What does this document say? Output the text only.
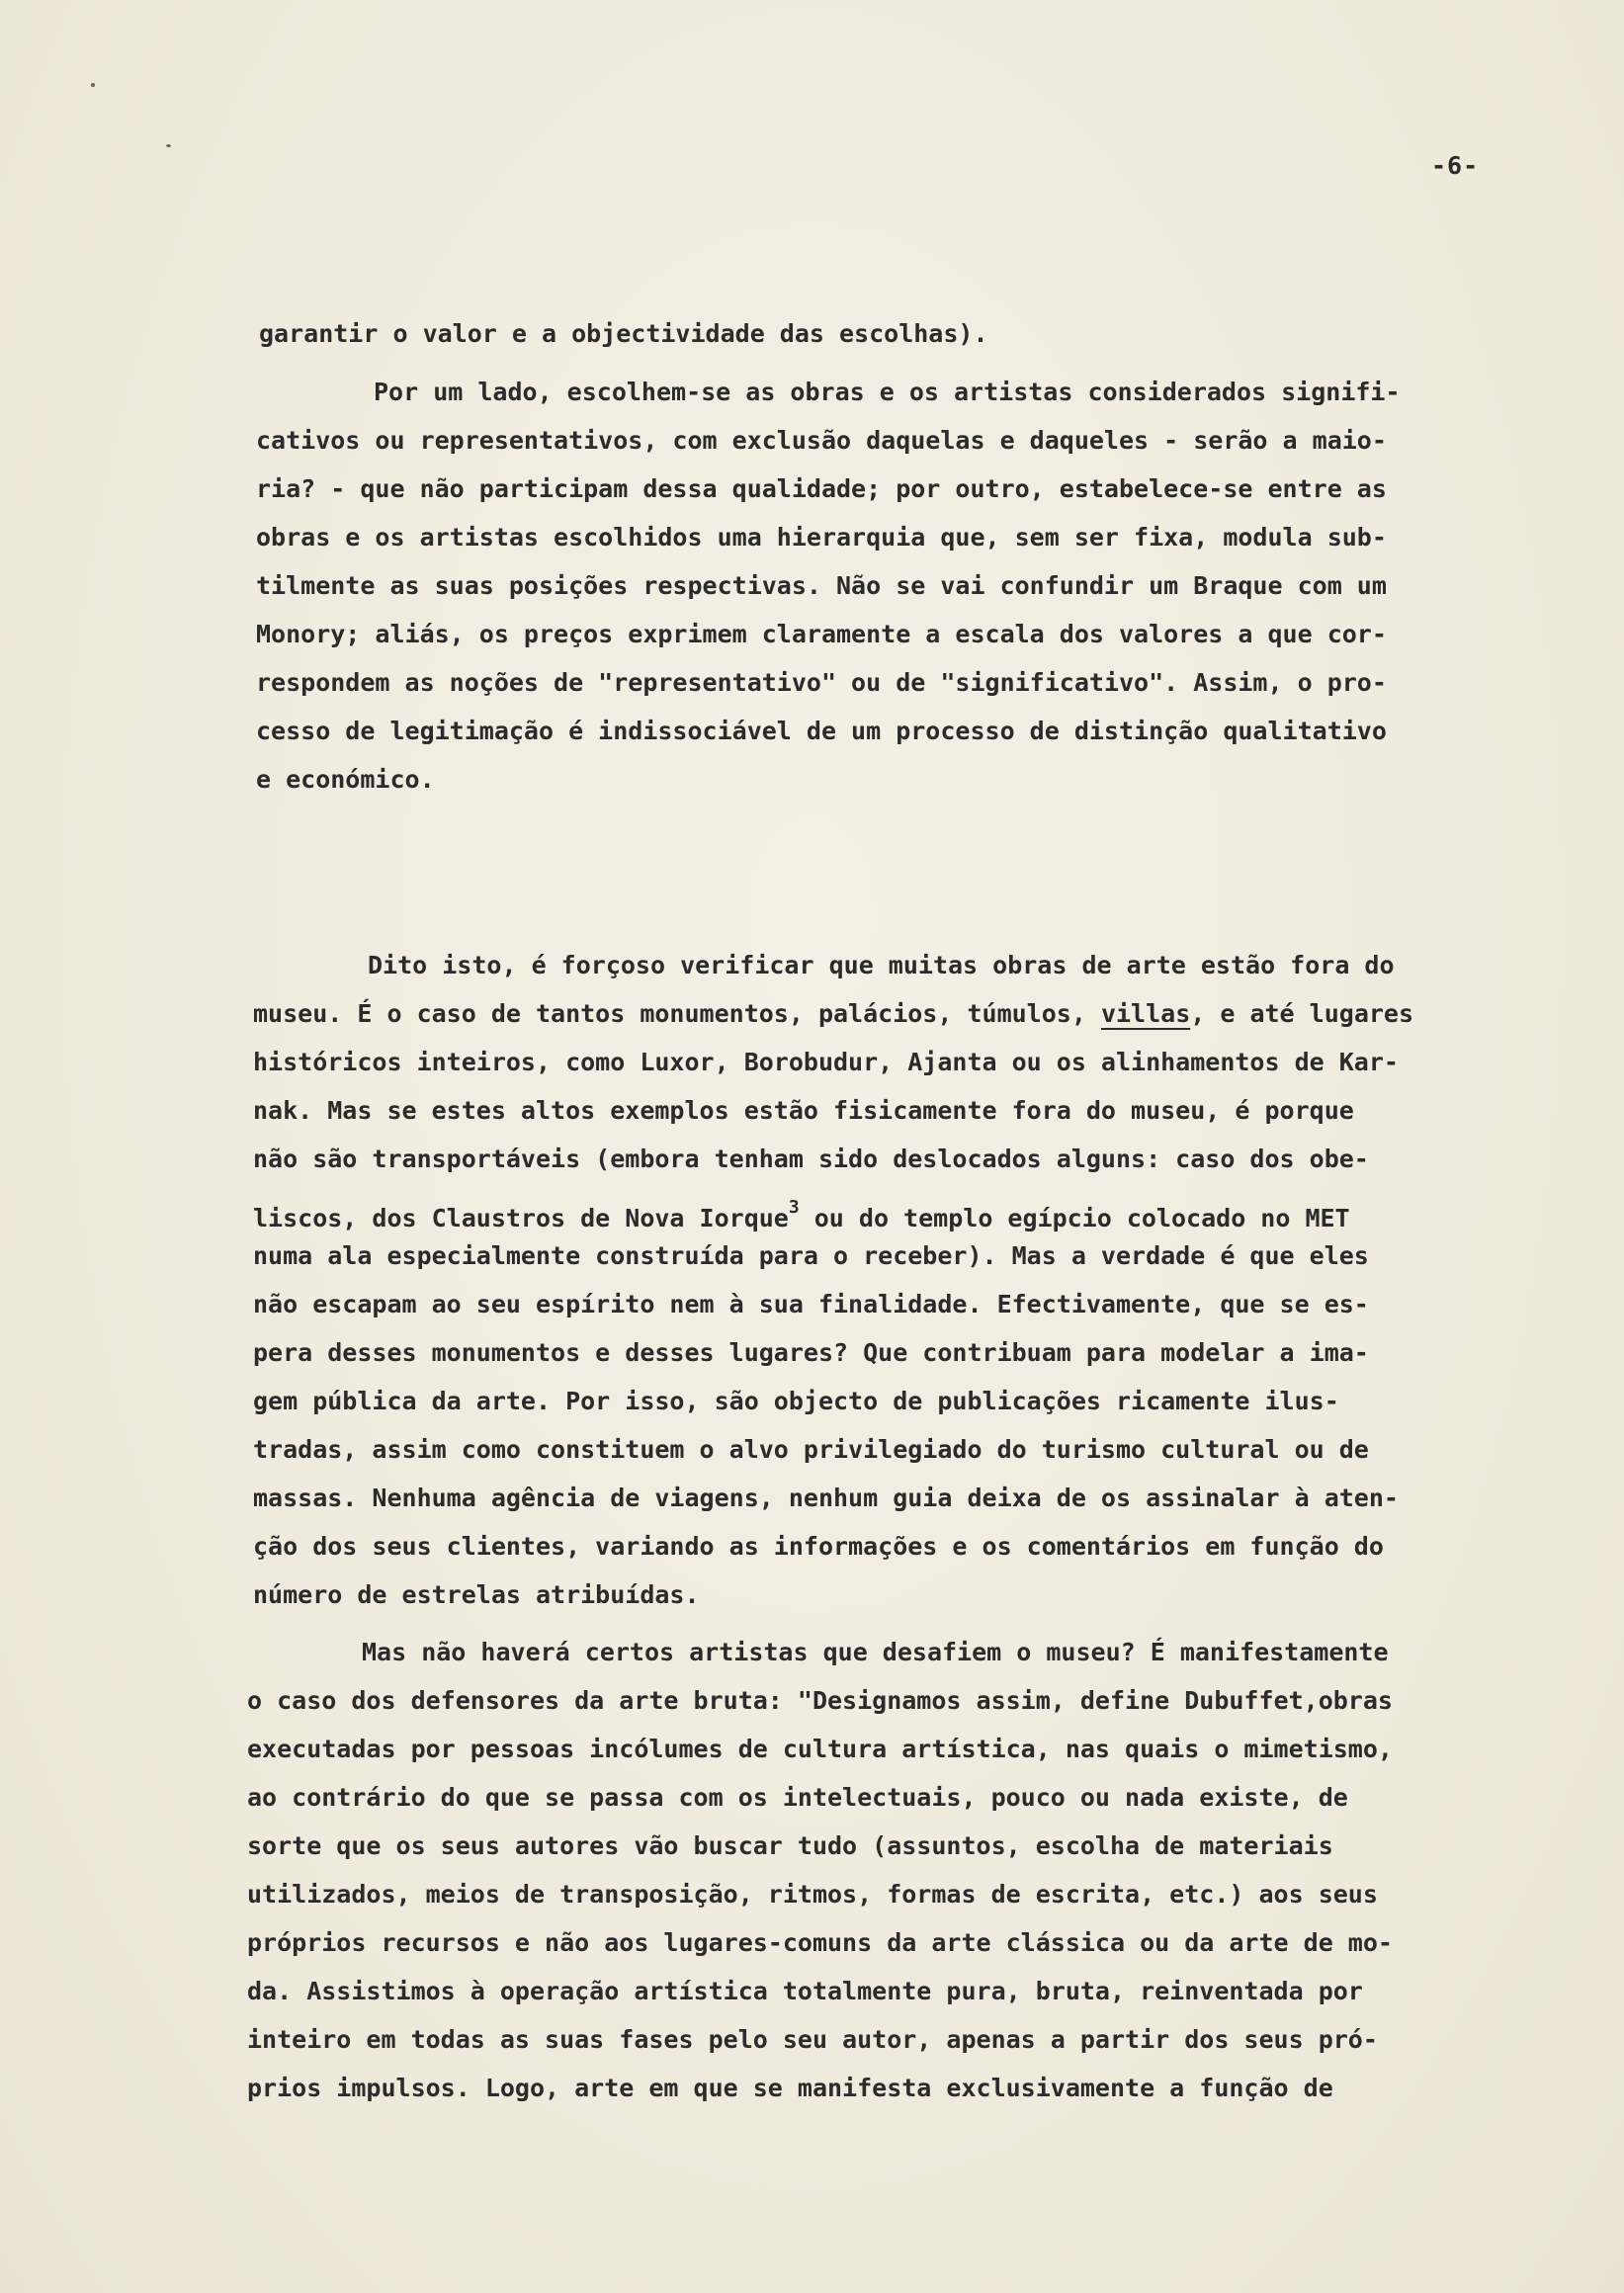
-6-
garantir o valor e a objectividade das escolhas).
Por um lado, escolhem-se as obras e os artistas considerados signifi-
cativos ou representativos, com exclusão daquelas e daqueles - serão a maio-
ria? - que não participam dessa qualidade; por outro, estabelece-se entre as
obras e os artistas escolhidos uma hierarquia que, sem ser fixa, modula sub-
tilmente as suas posições respectivas. Não se vai confundir um Braque com um
Monory; aliás, os preços exprimem claramente a escala dos valores a que cor-
respondem as noções de "representativo" ou de "significativo". Assim, o pro-
cesso de legitimação é indissociável de um processo de distinção qualitativo
e económico.
Dito isto, é forçoso verificar que muitas obras de arte estão fora do
museu. É o caso de tantos monumentos, palácios, túmulos, villas, e até lugares
históricos inteiros, como Luxor, Borobudur, Ajanta ou os alinhamentos de Kar-
nak. Mas se estes altos exemplos estão fisicamente fora do museu, é porque
não são transportáveis (embora tenham sido deslocados alguns: caso dos obe-
liscos, dos Claustros de Nova Iorque$^3$ ou do templo egípcio colocado no MET
numa ala especialmente construída para o receber). Mas a verdade é que eles
não escapam ao seu espírito nem à sua finalidade. Efectivamente, que se es-
pera desses monumentos e desses lugares? Que contribuam para modelar a ima-
gem pública da arte. Por isso, são objecto de publicações ricamente ilus-
tradas, assim como constituem o alvo privilegiado do turismo cultural ou de
massas. Nenhuma agência de viagens, nenhum guia deixa de os assinalar à aten-
ção dos seus clientes, variando as informações e os comentários em função do
número de estrelas atribuídas.
Mas não haverá certos artistas que desafiem o museu? É manifestamente
o caso dos defensores da arte bruta: "Designamos assim, define Dubuffet,obras
executadas por pessoas incólumes de cultura artística, nas quais o mimetismo,
ao contrário do que se passa com os intelectuais, pouco ou nada existe, de
sorte que os seus autores vão buscar tudo (assuntos, escolha de materiais
utilizados, meios de transposição, ritmos, formas de escrita, etc.) aos seus
próprios recursos e não aos lugares-comuns da arte clássica ou da arte de mo-
da. Assistimos à operação artística totalmente pura, bruta, reinventada por
inteiro em todas as suas fases pelo seu autor, apenas a partir dos seus pró-
prios impulsos. Logo, arte em que se manifesta exclusivamente a função de
